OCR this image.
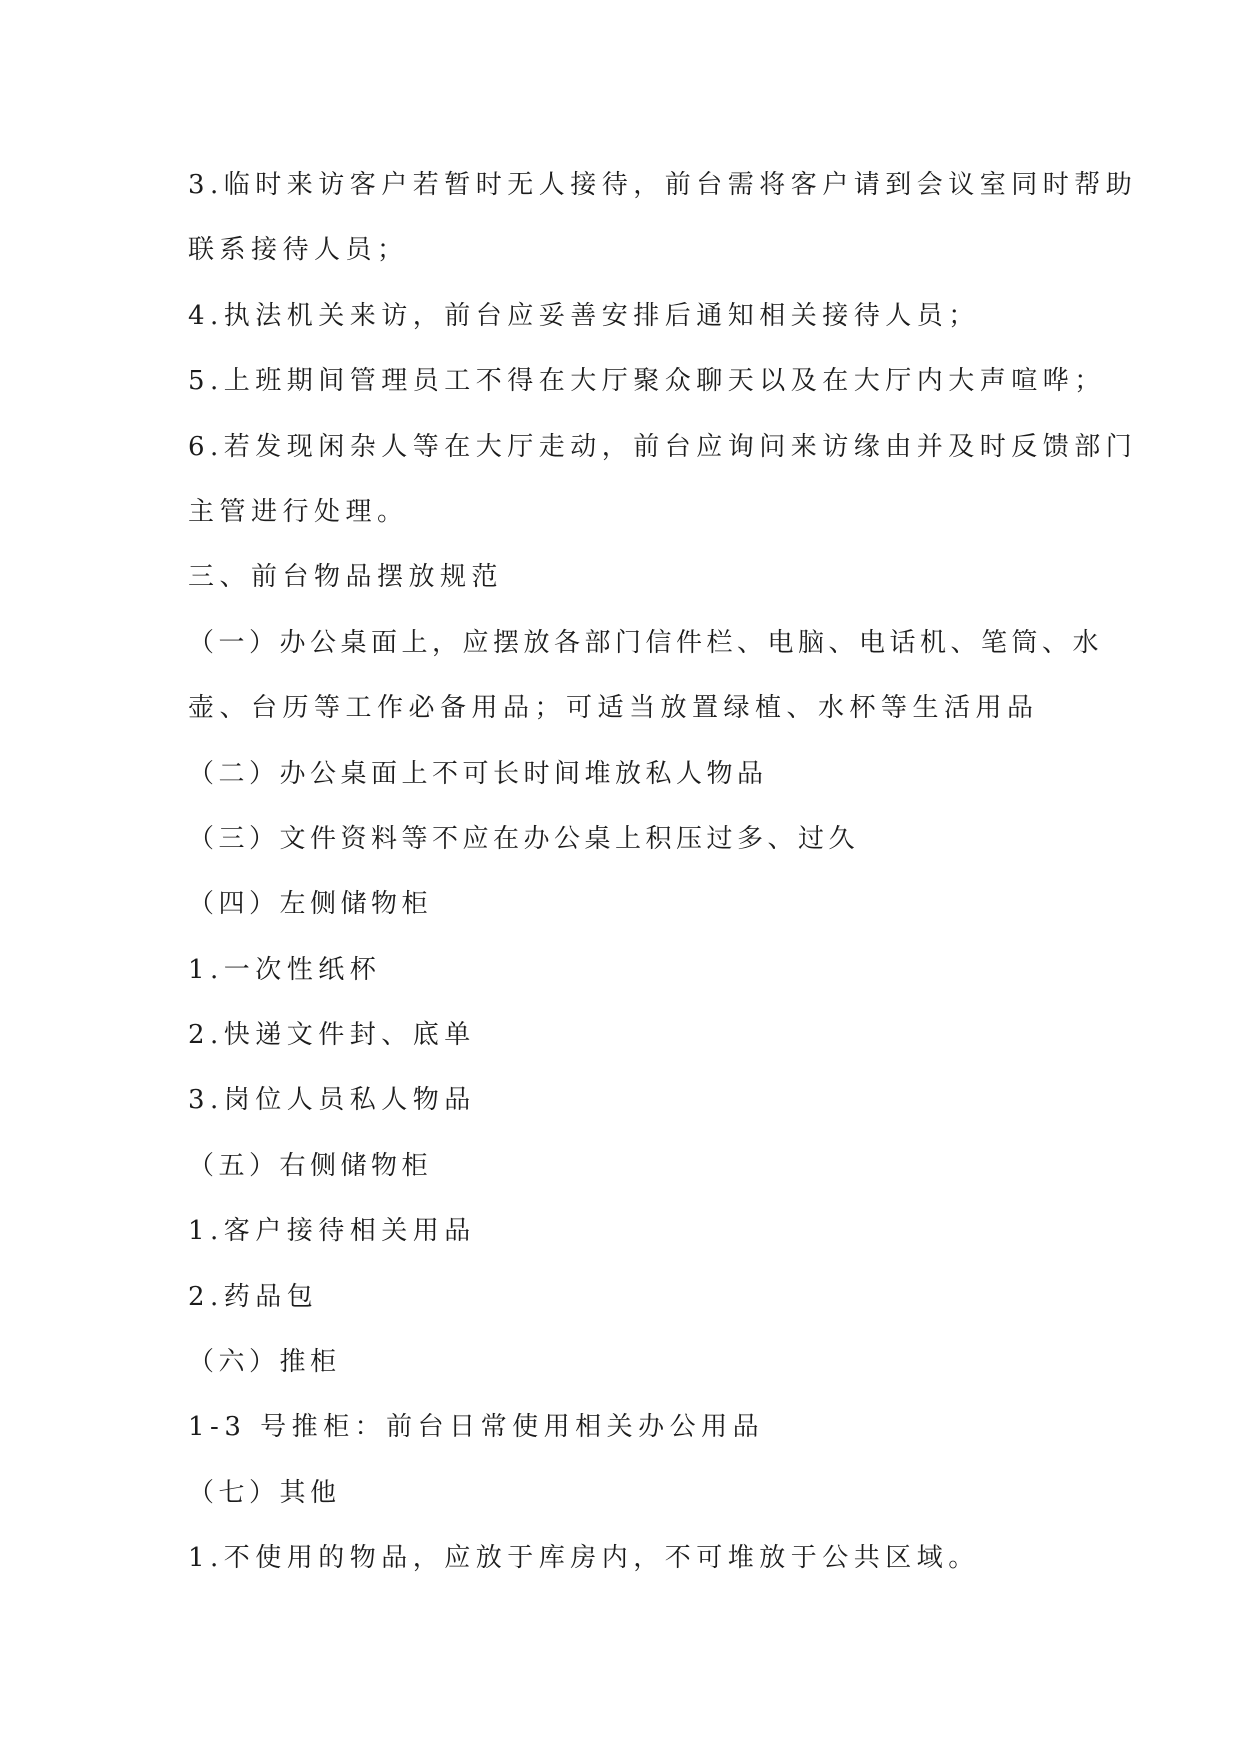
3.临时来访客户若暂时无人接待，前台需将客户请到会议室同时帮助
联系接待人员；
4.执法机关来访，前台应妥善安排后通知相关接待人员；
5.上班期间管理员工不得在大厅聚众聊天以及在大厅内大声喧哗；
6.若发现闲杂人等在大厅走动，前台应询问来访缘由并及时反馈部门
主管进行处理。
三、前台物品摆放规范
（一）办公桌面上，应摆放各部门信件栏、电脑、电话机、笔筒、水
壶、台历等工作必备用品；可适当放置绿植、水杯等生活用品
（二）办公桌面上不可长时间堆放私人物品
（三）文件资料等不应在办公桌上积压过多、过久
（四）左侧储物柜
1.一次性纸杯
2.快递文件封、底单
3.岗位人员私人物品
（五）右侧储物柜
1.客户接待相关用品
2.药品包
（六）推柜
1-3 号推柜：前台日常使用相关办公用品
（七）其他
1.不使用的物品，应放于库房内，不可堆放于公共区域。
